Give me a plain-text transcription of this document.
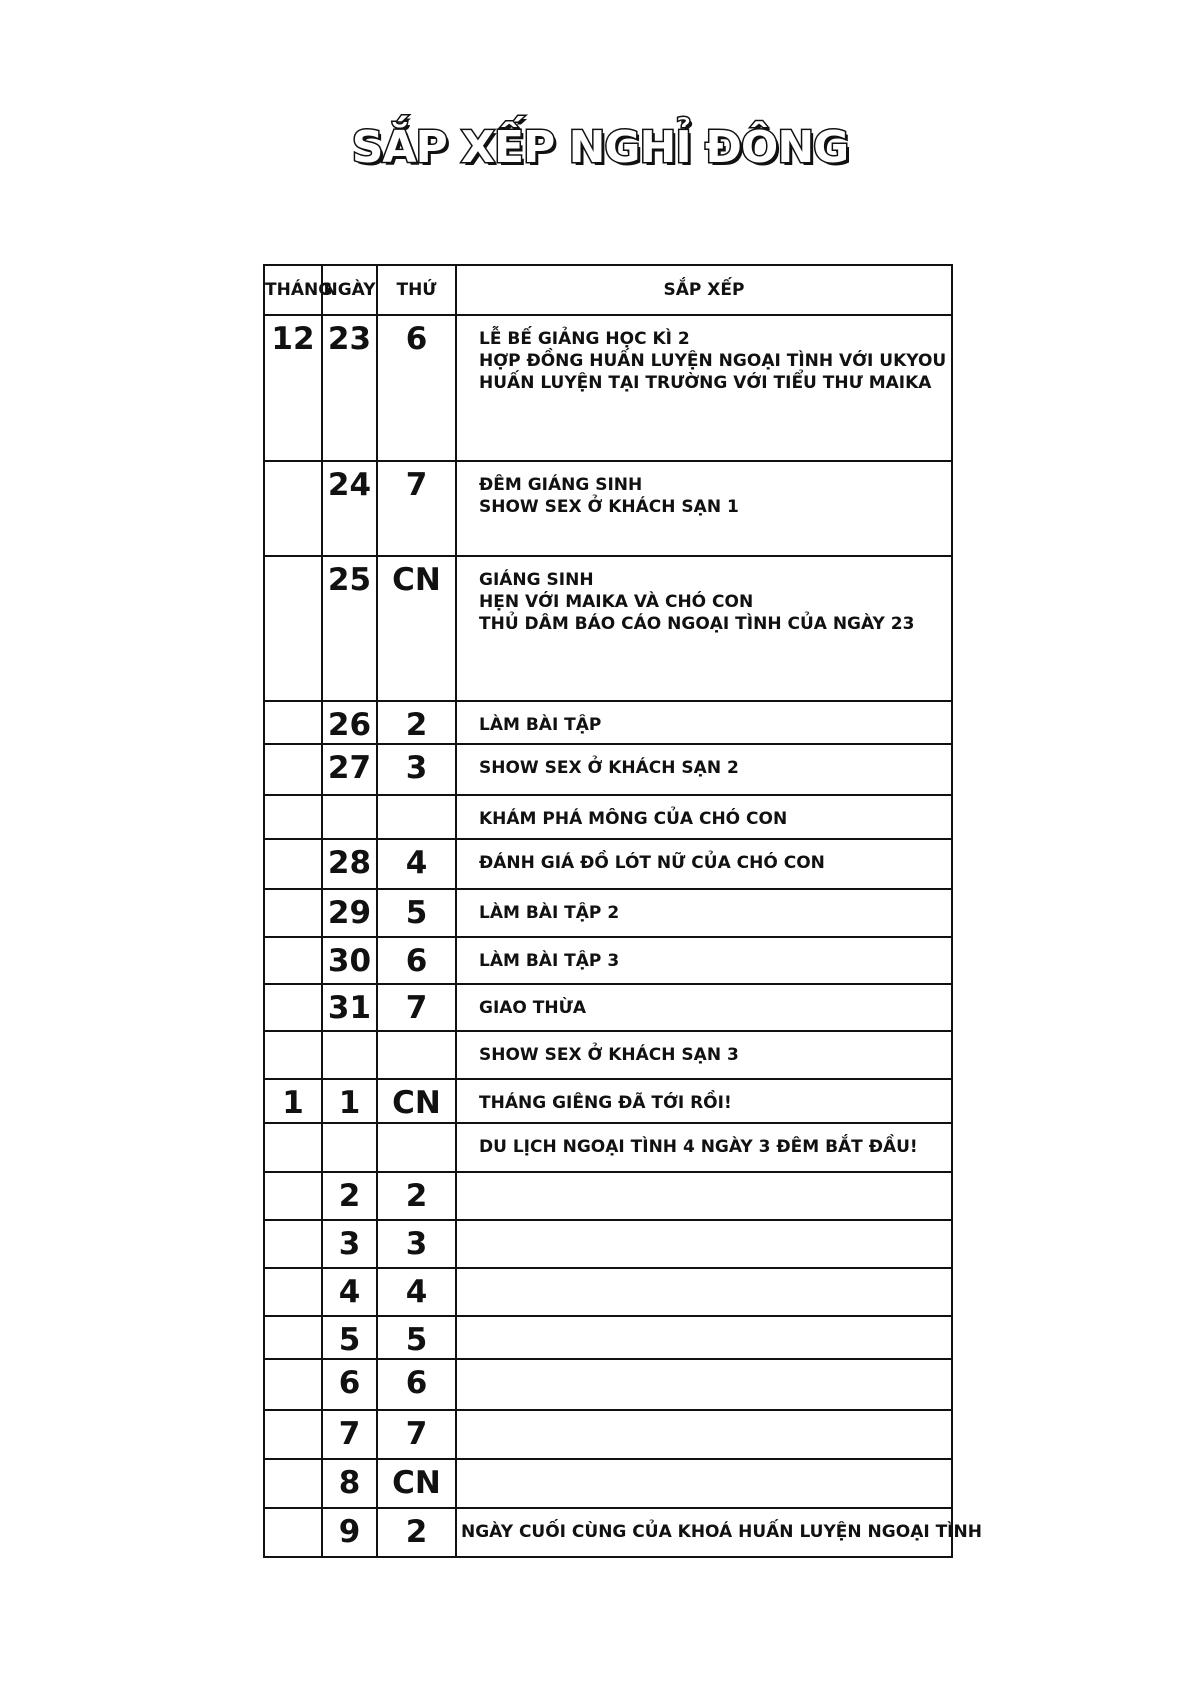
SẮP XẾP NGHỈ ĐÔNG
THÁNG	NGÀY	THỨ	SẮP XẾP
12	23	6	LỄ BẾ GIẢNG HỌC KÌ 2
HỢP ĐỒNG HUẤN LUYỆN NGOẠI TÌNH VỚI UKYOU
HUẤN LUYỆN TẠI TRƯỜNG VỚI TIỂU THƯ MAIKA

	24	7	ĐÊM GIÁNG SINH
SHOW SEX Ở KHÁCH SẠN 1

	25	CN	GIÁNG SINH
HẸN VỚI MAIKA VÀ CHÓ CON
THỦ DÂM BÁO CÁO NGOẠI TÌNH CỦA NGÀY 23

	26	2	LÀM BÀI TẬP

	27	3	SHOW SEX Ở KHÁCH SẠN 2

			KHÁM PHÁ MÔNG CỦA CHÓ CON

	28	4	ĐÁNH GIÁ ĐỒ LÓT NỮ CỦA CHÓ CON

	29	5	LÀM BÀI TẬP 2

	30	6	LÀM BÀI TẬP 3

	31	7	GIAO THỪA

			SHOW SEX Ở KHÁCH SẠN 3

1	1	CN	THÁNG GIÊNG ĐÃ TỚI RỒI!

			DU LỊCH NGOẠI TÌNH 4 NGÀY 3 ĐÊM BẮT ĐẦU!

	2	2	
	3	3	
	4	4	
	5	5	
	6	6	
	7	7	
	8	CN	
	9	2	NGÀY CUỐI CÙNG CỦA KHOÁ HUẤN LUYỆN NGOẠI TÌNH
